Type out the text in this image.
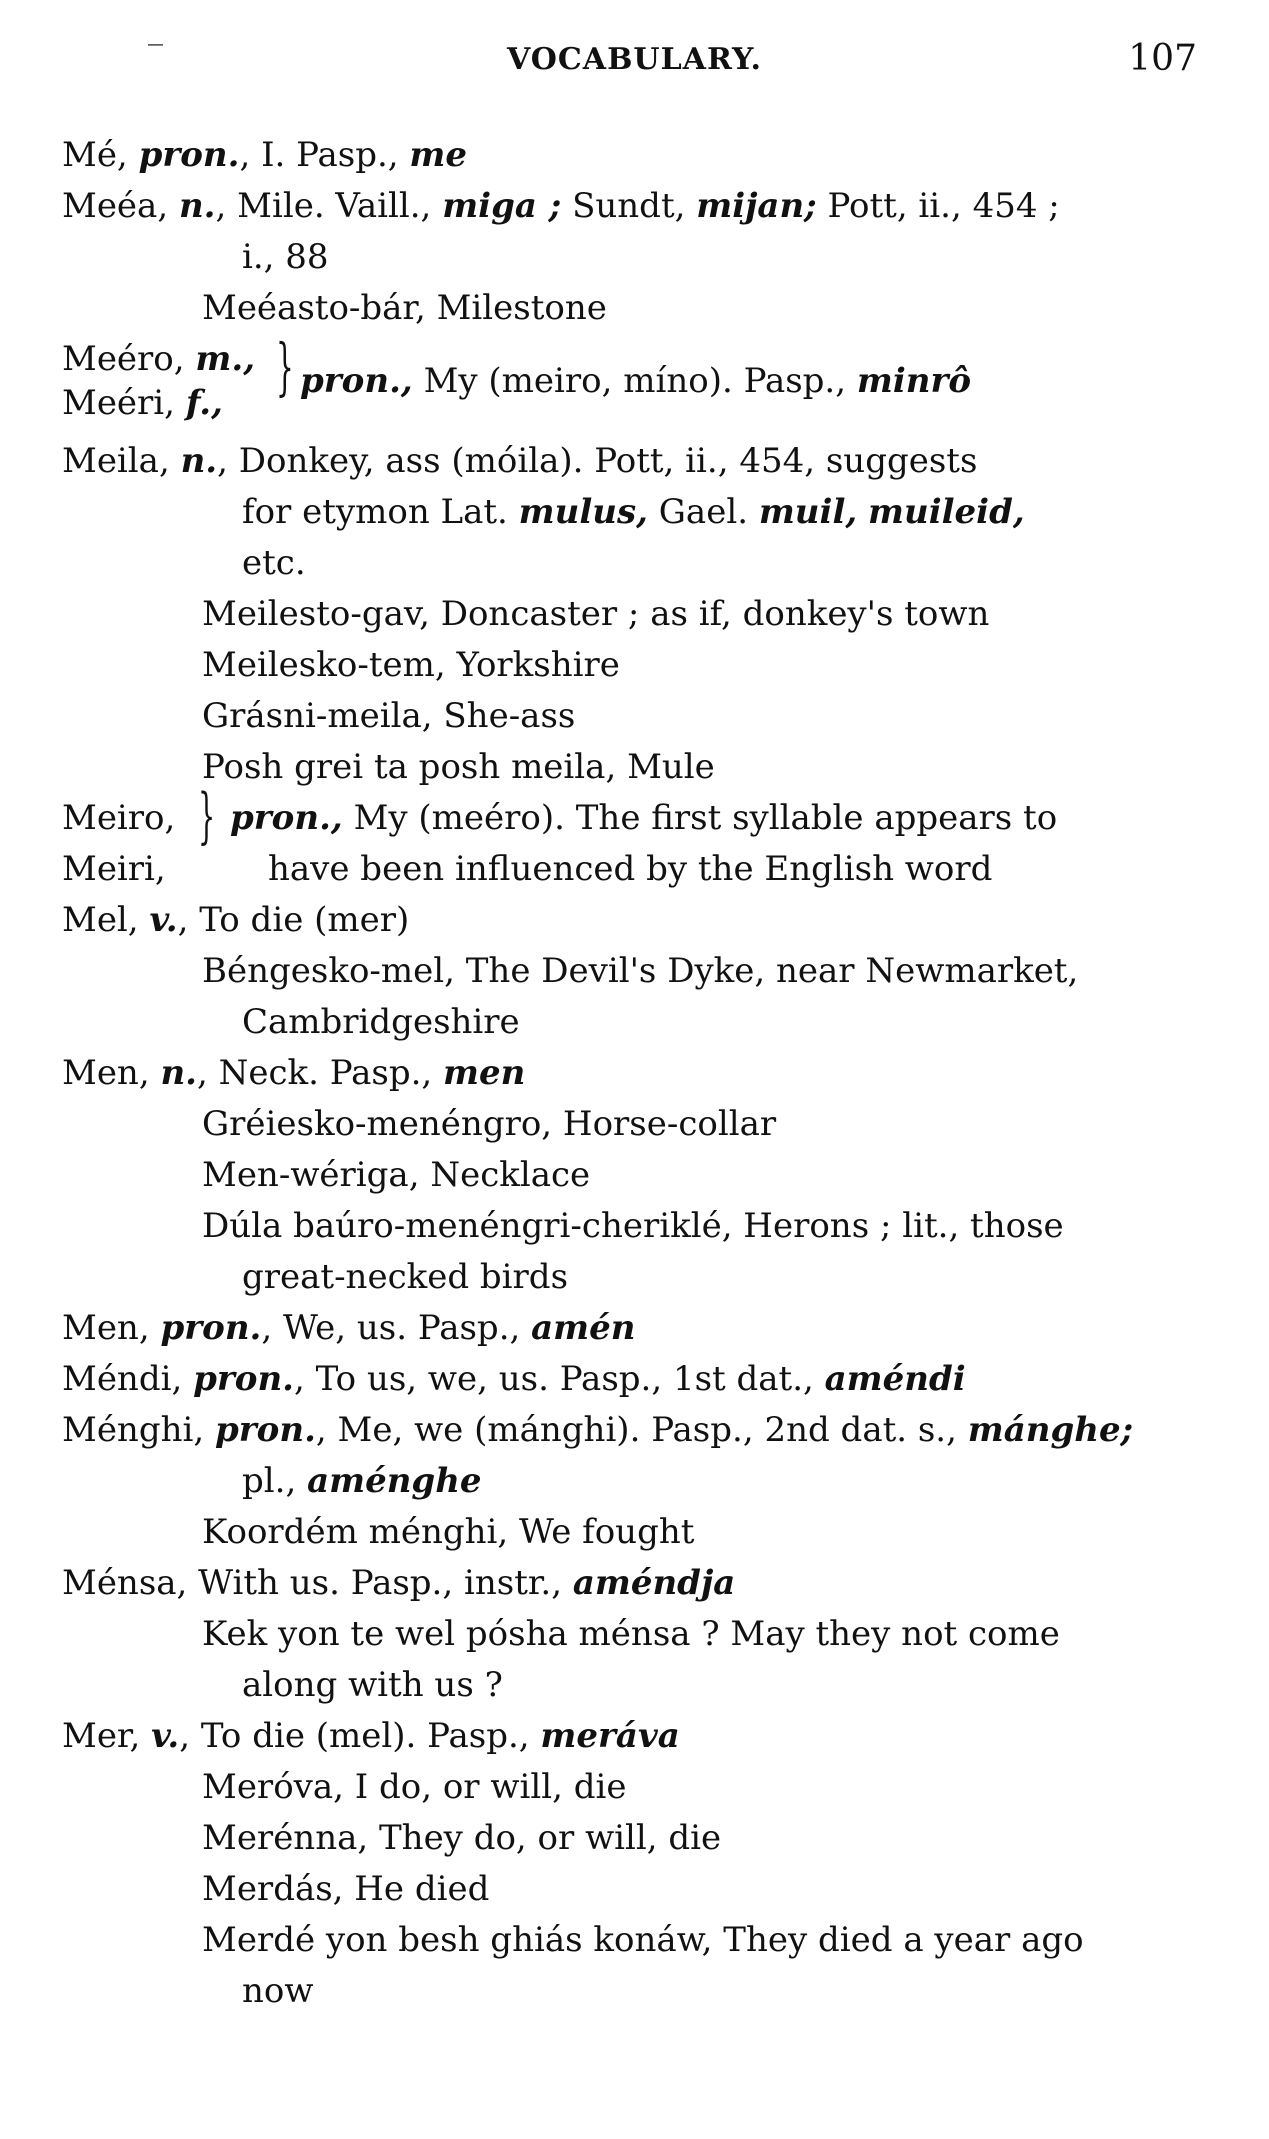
‾	VOCABULARY.	107
Mé, pron., I. Pasp., me
Meéa, n., Mile. Vaill., miga ; Sundt, mijan; Pott, ii., 454 ;
i., 88
Meéasto-bár, Milestone
Meéro, m.,
Meéri, f., } pron., My (meiro, míno). Pasp., minrô
Meila, n., Donkey, ass (móila). Pott, ii., 454, suggests
for etymon Lat. mulus, Gael. muil, muileid,
etc.
Meilesto-gav, Doncaster ; as if, donkey's town
Meilesko-tem, Yorkshire
Grásni-meila, She-ass
Posh grei ta posh meila, Mule
Meiro, } pron., My (meéro). The first syllable appears to
Meiri,	have been influenced by the English word
Mel, v., To die (mer)
Béngesko-mel, The Devil's Dyke, near Newmarket,
Cambridgeshire
Men, n., Neck. Pasp., men
Gréiesko-menéngro, Horse-collar
Men-wériga, Necklace
Dúla baúro-menéngri-cheriklé, Herons ; lit., those
great-necked birds
Men, pron., We, us. Pasp., amén
Méndi, pron., To us, we, us. Pasp., 1st dat., améndi
Ménghi, pron., Me, we (mánghi). Pasp., 2nd dat. s., mánghe;
pl., aménghe
Koordém ménghi, We fought
Ménsa, With us. Pasp., instr., améndja
Kek yon te wel pósha ménsa ? May they not come
along with us ?
Mer, v., To die (mel). Pasp., meráva
Meróva, I do, or will, die
Merénna, They do, or will, die
Merdás, He died
Merdé yon besh ghiás konáw, They died a year ago
now
